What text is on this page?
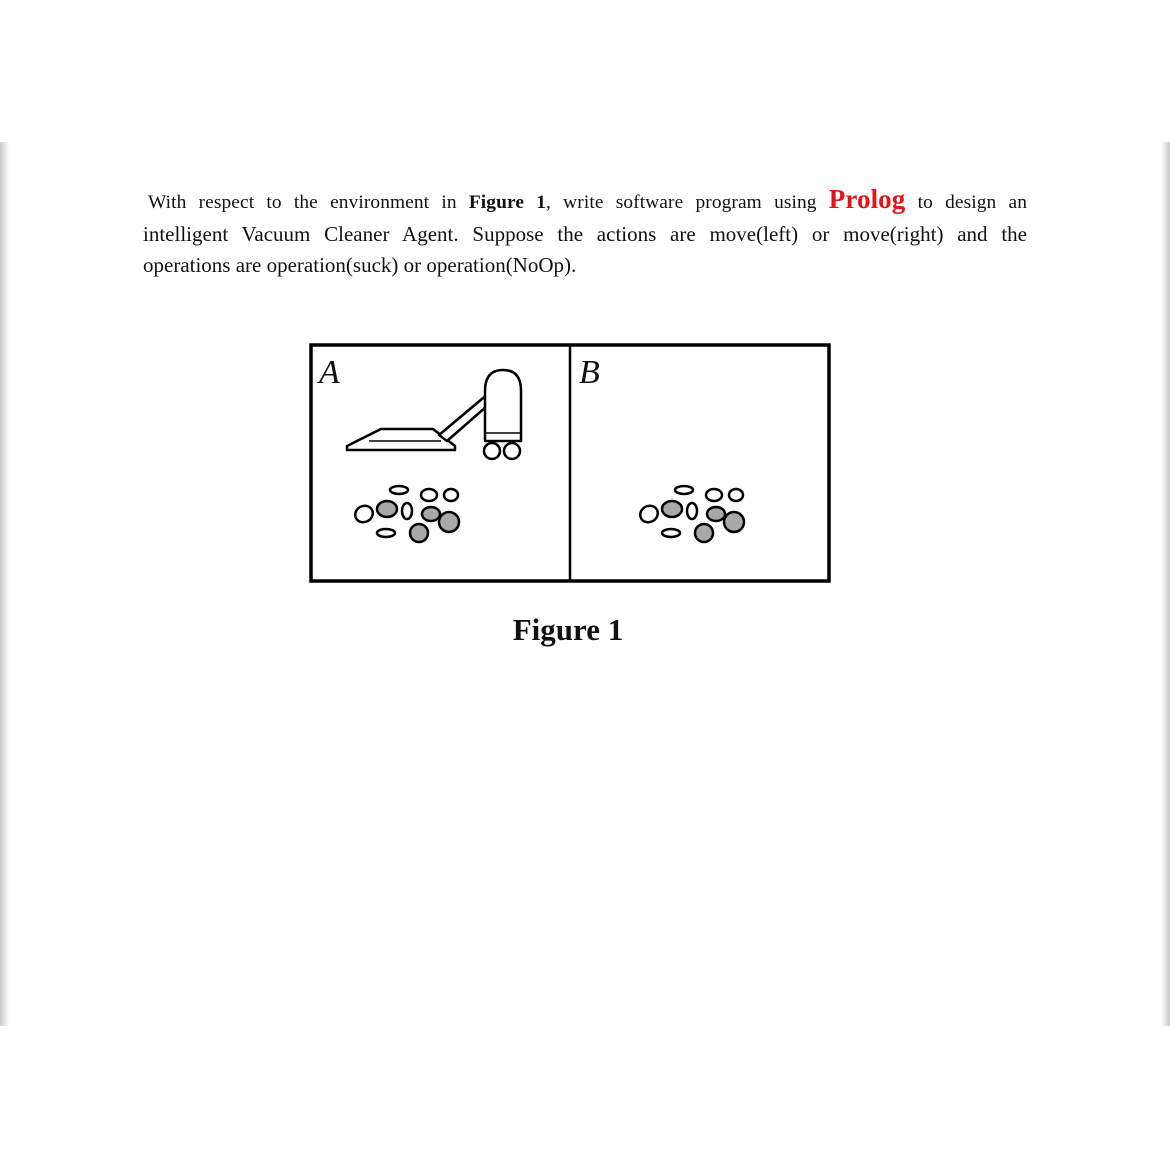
With respect to the environment in Figure 1, write software program using Prolog to design an
intelligent Vacuum Cleaner Agent. Suppose the actions are move(left) or move(right) and the
operations are operation(suck) or operation(NoOp).
A	B
Figure 1
